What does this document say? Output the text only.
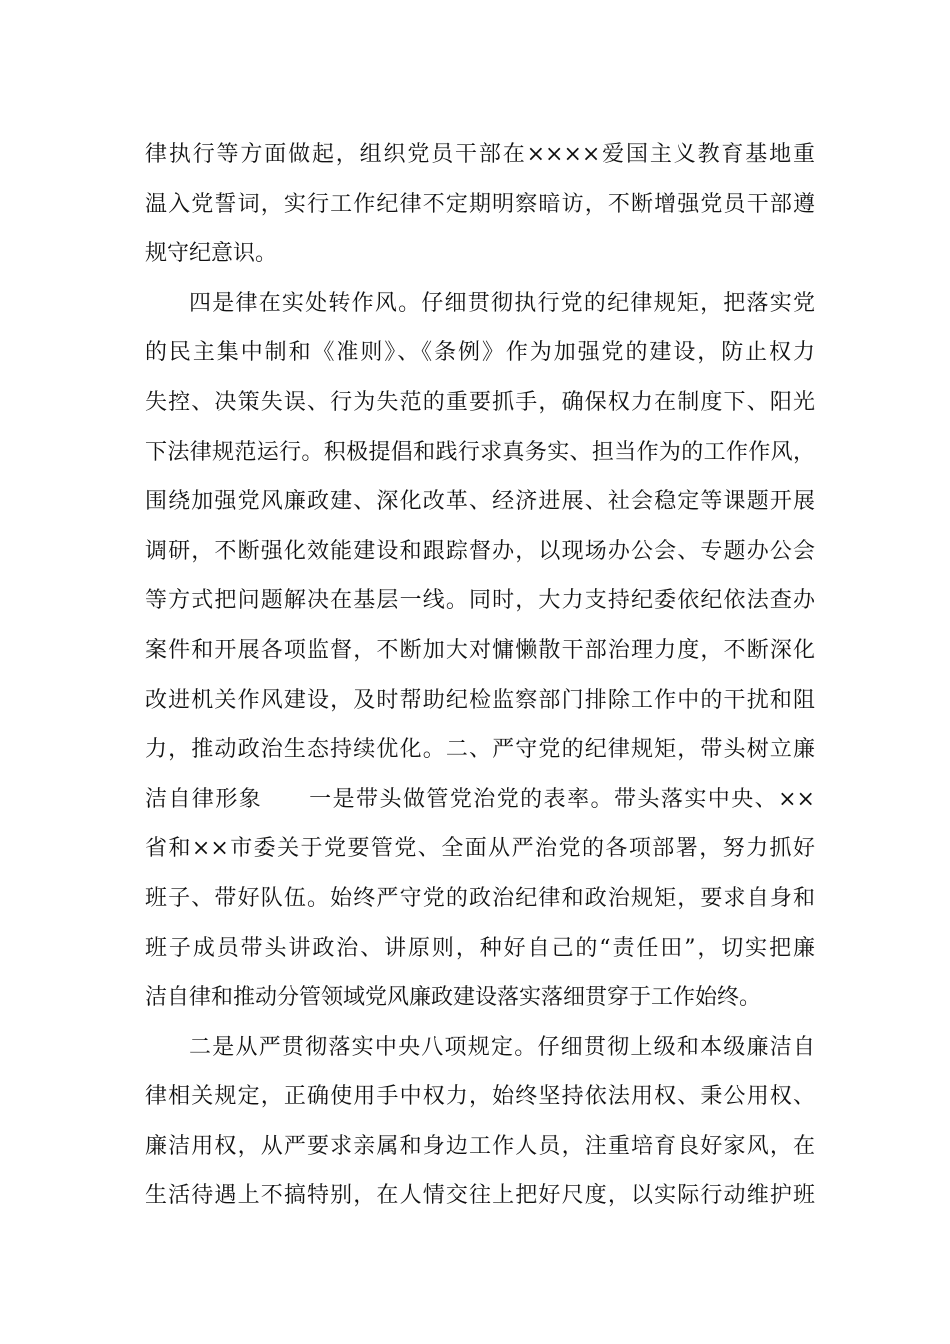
律执行等方面做起，组织党员干部在××××爱国主义教育基地重
温入党誓词，实行工作纪律不定期明察暗访，不断增强党员干部遵
规守纪意识。
四是律在实处转作风。仔细贯彻执行党的纪律规矩，把落实党
的民主集中制和《准则》、《条例》作为加强党的建设，防止权力
失控、决策失误、行为失范的重要抓手，确保权力在制度下、阳光
下法律规范运行。积极提倡和践行求真务实、担当作为的工作作风，
围绕加强党风廉政建、深化改革、经济进展、社会稳定等课题开展
调研，不断强化效能建设和跟踪督办，以现场办公会、专题办公会
等方式把问题解决在基层一线。同时，大力支持纪委依纪依法查办
案件和开展各项监督，不断加大对慵懒散干部治理力度，不断深化
改进机关作风建设，及时帮助纪检监察部门排除工作中的干扰和阻
力，推动政治生态持续优化。二、严守党的纪律规矩，带头树立廉
洁自律形象　　一是带头做管党治党的表率。带头落实中央、××
省和××市委关于党要管党、全面从严治党的各项部署，努力抓好
班子、带好队伍。始终严守党的政治纪律和政治规矩，要求自身和
班子成员带头讲政治、讲原则，种好自己的“责任田”，切实把廉
洁自律和推动分管领域党风廉政建设落实落细贯穿于工作始终。
二是从严贯彻落实中央八项规定。仔细贯彻上级和本级廉洁自
律相关规定，正确使用手中权力，始终坚持依法用权、秉公用权、
廉洁用权，从严要求亲属和身边工作人员，注重培育良好家风，在
生活待遇上不搞特别，在人情交往上把好尺度，以实际行动维护班
